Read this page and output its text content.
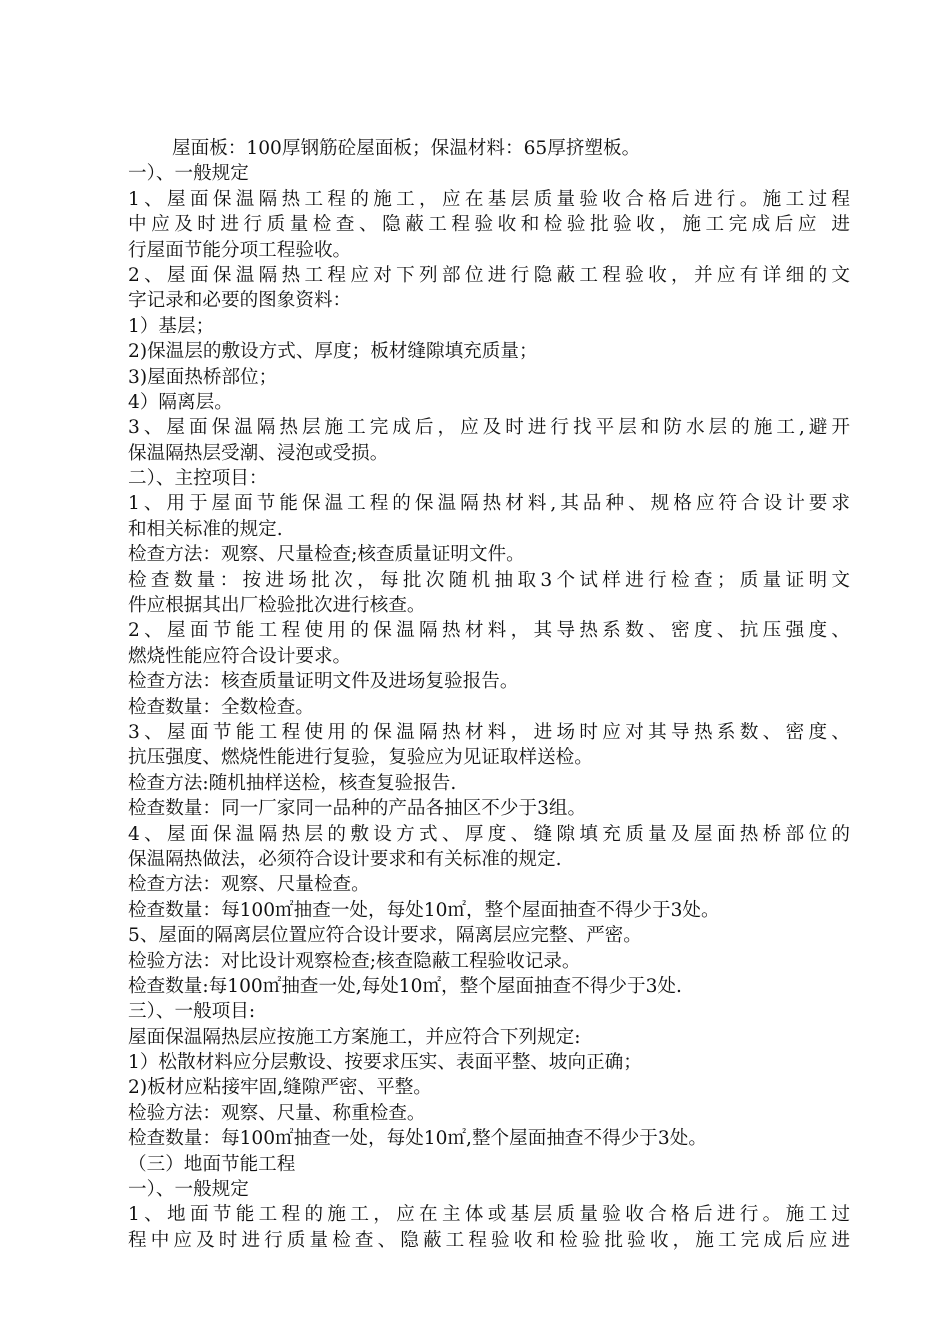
屋面板：100厚钢筋砼屋面板；保温材料：65厚挤塑板。
一）、一般规定
1、屋面保温隔热工程的施工，应在基层质量验收合格后进行。施工过程
中应及时进行质量检查、隐蔽工程验收和检验批验收，施工完成后应 进
行屋面节能分项工程验收。
2、屋面保温隔热工程应对下列部位进行隐蔽工程验收，并应有详细的文
字记录和必要的图象资料：
1）基层；
2)保温层的敷设方式、厚度；板材缝隙填充质量；
3)屋面热桥部位；
4）隔离层。
3、屋面保温隔热层施工完成后，应及时进行找平层和防水层的施工,避开
保温隔热层受潮、浸泡或受损。
二）、主控项目：
1、用于屋面节能保温工程的保温隔热材料,其品种、规格应符合设计要求
和相关标准的规定.
检查方法：观察、尺量检查;核查质量证明文件。
检查数量：按进场批次，每批次随机抽取3个试样进行检查；质量证明文
件应根据其出厂检验批次进行核查。
2、屋面节能工程使用的保温隔热材料，其导热系数、密度、抗压强度、
燃烧性能应符合设计要求。
检查方法：核查质量证明文件及进场复验报告。
检查数量：全数检查。
3、屋面节能工程使用的保温隔热材料，进场时应对其导热系数、密度、
抗压强度、燃烧性能进行复验，复验应为见证取样送检。
检查方法:随机抽样送检，核查复验报告.
检查数量：同一厂家同一品种的产品各抽区不少于3组。
4、屋面保温隔热层的敷设方式、厚度、缝隙填充质量及屋面热桥部位的
保温隔热做法，必须符合设计要求和有关标准的规定.
检查方法：观察、尺量检查。
检查数量：每100㎡抽查一处，每处10㎡，整个屋面抽查不得少于3处。
5、屋面的隔离层位置应符合设计要求，隔离层应完整、严密。
检验方法：对比设计观察检查;核查隐蔽工程验收记录。
检查数量:每100㎡抽查一处,每处10㎡，整个屋面抽查不得少于3处.
三）、一般项目:
屋面保温隔热层应按施工方案施工，并应符合下列规定:
1）松散材料应分层敷设、按要求压实、表面平整、坡向正确；
2)板材应粘接牢固,缝隙严密、平整。
检验方法：观察、尺量、称重检查。
检查数量：每100㎡抽查一处，每处10㎡,整个屋面抽查不得少于3处。
（三）地面节能工程
一）、一般规定
1、地面节能工程的施工，应在主体或基层质量验收合格后进行。施工过
程中应及时进行质量检查、隐蔽工程验收和检验批验收，施工完成后应进
